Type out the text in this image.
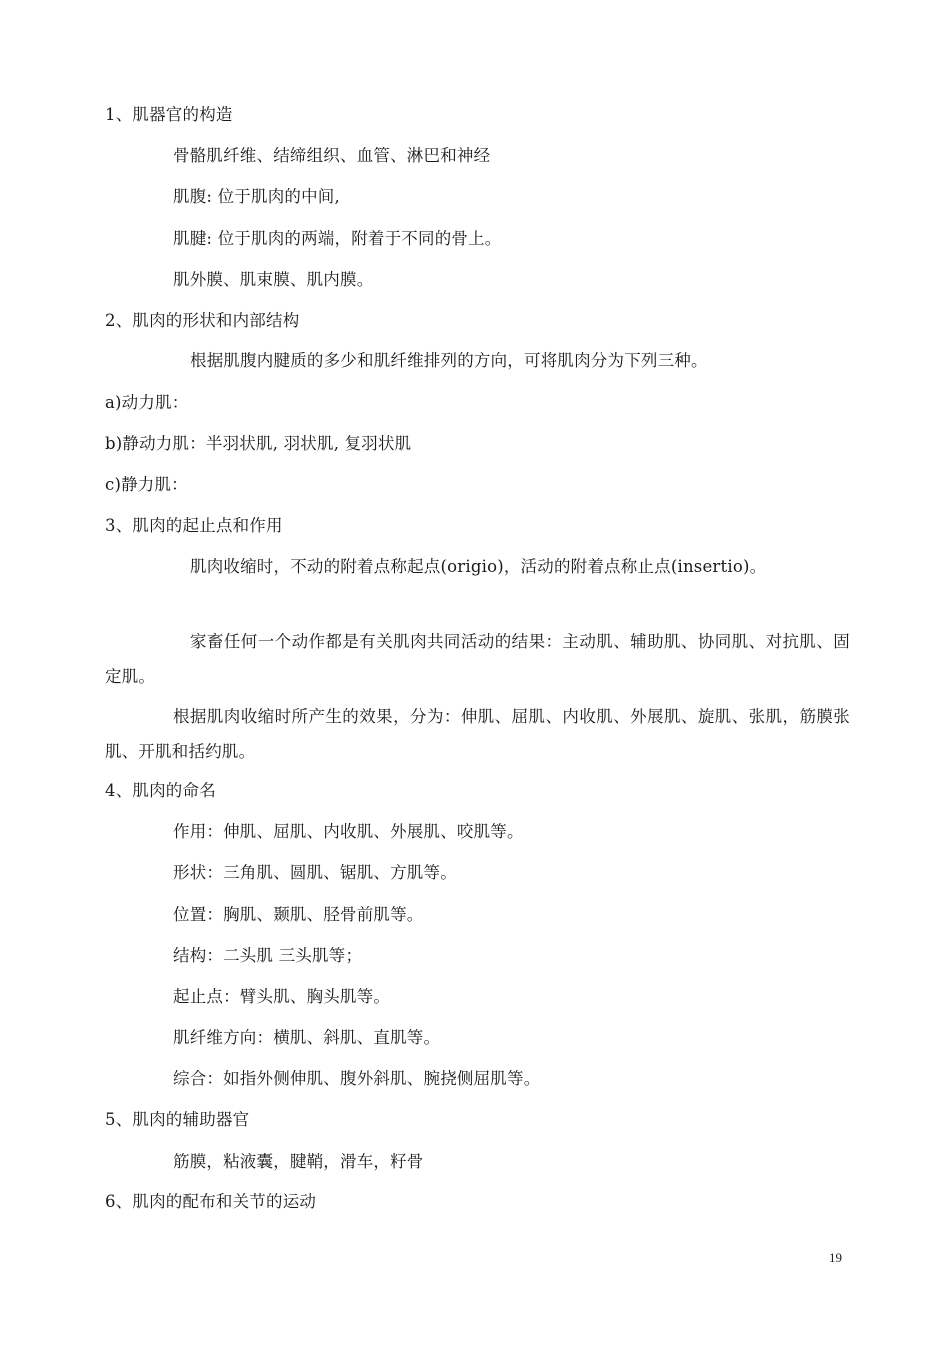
1、肌器官的构造
骨骼肌纤维、结缔组织、血管、淋巴和神经
肌腹: 位于肌肉的中间,
肌腱: 位于肌肉的两端，附着于不同的骨上。
肌外膜、肌束膜、肌内膜。
2、肌肉的形状和内部结构
根据肌腹内腱质的多少和肌纤维排列的方向，可将肌肉分为下列三种。
a)动力肌：
b)静动力肌：半羽状肌, 羽状肌, 复羽状肌
c)静力肌：
3、肌肉的起止点和作用
肌肉收缩时，不动的附着点称起点(origio)，活动的附着点称止点(insertio)。
家畜任何一个动作都是有关肌肉共同活动的结果：主动肌、辅助肌、协同肌、对抗肌、固定肌。
根据肌肉收缩时所产生的效果，分为：伸肌、屈肌、内收肌、外展肌、旋肌、张肌，筋膜张肌、开肌和括约肌。
4、肌肉的命名
作用：伸肌、屈肌、内收肌、外展肌、咬肌等。
形状：三角肌、圆肌、锯肌、方肌等。
位置：胸肌、颞肌、胫骨前肌等。
结构：二头肌 三头肌等；
起止点：臂头肌、胸头肌等。
肌纤维方向：横肌、斜肌、直肌等。
综合：如指外侧伸肌、腹外斜肌、腕挠侧屈肌等。
5、肌肉的辅助器官
筋膜，粘液囊，腱鞘，滑车，籽骨
6、肌肉的配布和关节的运动
19
